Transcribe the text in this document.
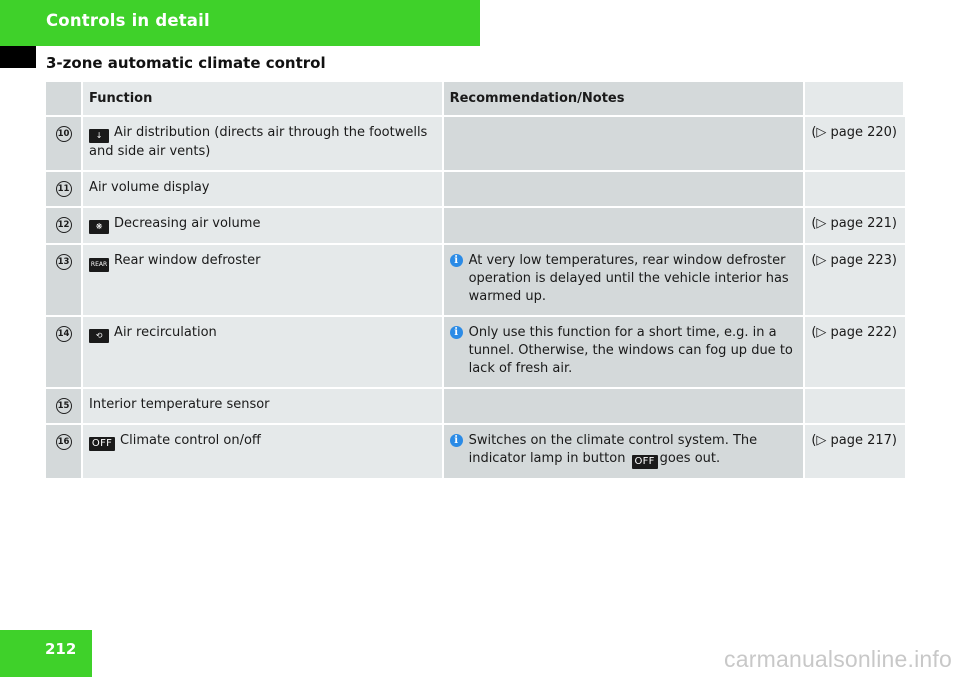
Controls in detail
3-zone automatic climate control
	Function	Recommendation/Notes	
10	↓ Air distribution (directs air through the footwells and side air vents)		(▷ page 220)
11	Air volume display		
12	❋ Decreasing air volume		(▷ page 221)
13	REAR Rear window defroster	i At very low temperatures, rear window defroster operation is delayed until the vehicle interior has warmed up.	(▷ page 223)
14	⟲ Air recirculation	i Only use this function for a short time, e.g. in a tunnel. Otherwise, the windows can fog up due to lack of fresh air.	(▷ page 222)
15	Interior temperature sensor		
16	OFF Climate control on/off	i Switches on the climate control system. The indicator lamp in button OFF goes out.	(▷ page 217)
212	carmanualsonline.info
